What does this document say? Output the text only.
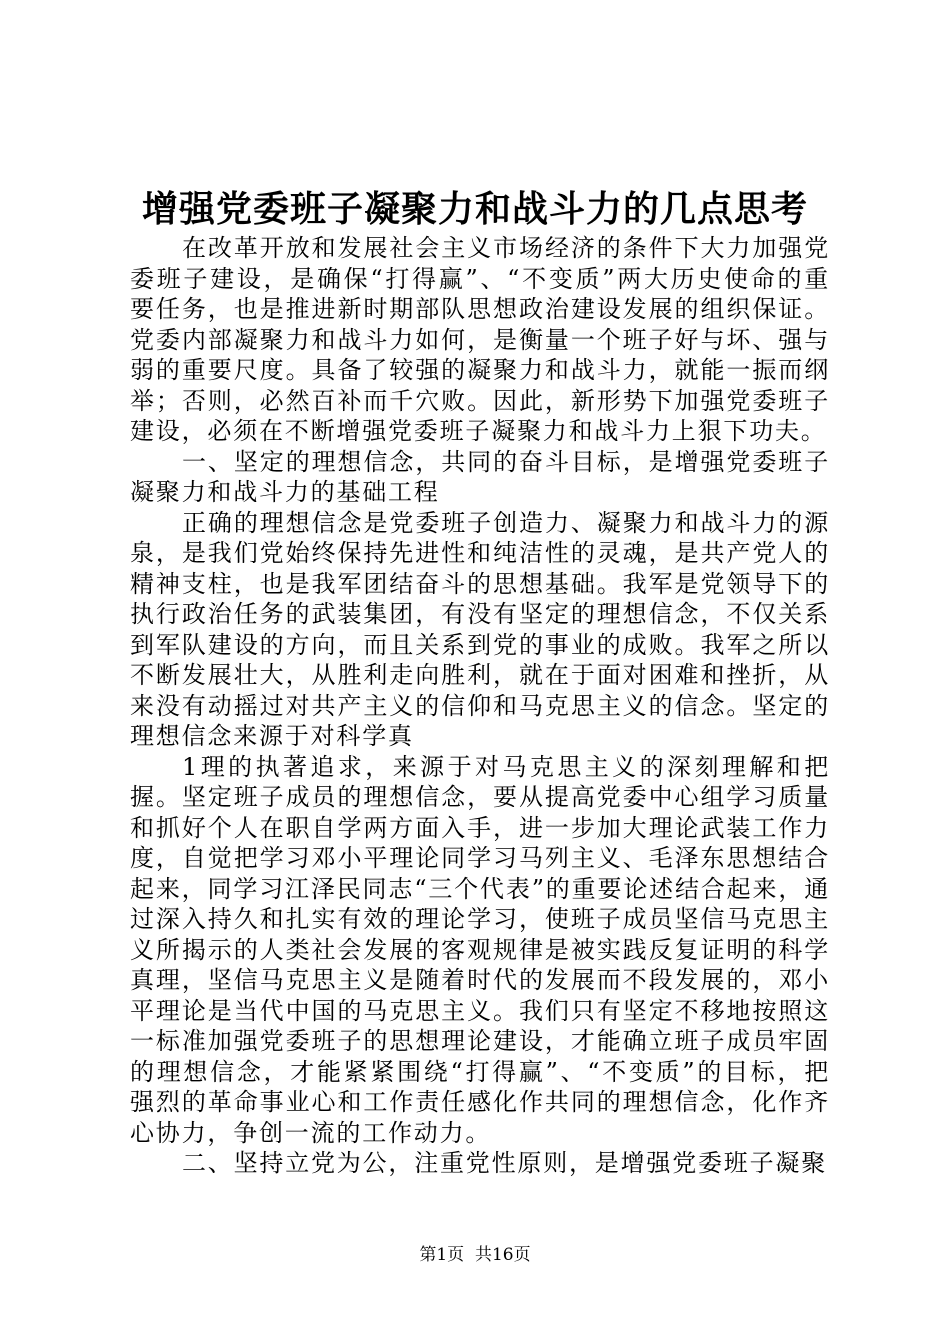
增强党委班子凝聚力和战斗力的几点思考

在改革开放和发展社会主义市场经济的条件下大力加强党委班子建设，是确保“打得赢”、“不变质”两大历史使命的重要任务，也是推进新时期部队思想政治建设发展的组织保证。党委内部凝聚力和战斗力如何，是衡量一个班子好与坏、强与弱的重要尺度。具备了较强的凝聚力和战斗力，就能一振而纲举；否则，必然百补而千穴败。因此，新形势下加强党委班子建设，必须在不断增强党委班子凝聚力和战斗力上狠下功夫。

一、坚定的理想信念，共同的奋斗目标，是增强党委班子凝聚力和战斗力的基础工程

正确的理想信念是党委班子创造力、凝聚力和战斗力的源泉，是我们党始终保持先进性和纯洁性的灵魂，是共产党人的精神支柱，也是我军团结奋斗的思想基础。我军是党领导下的执行政治任务的武装集团，有没有坚定的理想信念，不仅关系到军队建设的方向，而且关系到党的事业的成败。我军之所以不断发展壮大，从胜利走向胜利，就在于面对困难和挫折，从来没有动摇过对共产主义的信仰和马克思主义的信念。坚定的理想信念来源于对科学真

1理的执著追求，来源于对马克思主义的深刻理解和把握。坚定班子成员的理想信念，要从提高党委中心组学习质量和抓好个人在职自学两方面入手，进一步加大理论武装工作力度，自觉把学习邓小平理论同学习马列主义、毛泽东思想结合起来，同学习江泽民同志“三个代表”的重要论述结合起来，通过深入持久和扎实有效的理论学习，使班子成员坚信马克思主义所揭示的人类社会发展的客观规律是被实践反复证明的科学真理，坚信马克思主义是随着时代的发展而不段发展的，邓小平理论是当代中国的马克思主义。我们只有坚定不移地按照这一标准加强党委班子的思想理论建设，才能确立班子成员牢固的理想信念，才能紧紧围绕“打得赢”、“不变质”的目标，把强烈的革命事业心和工作责任感化作共同的理想信念，化作齐心协力，争创一流的工作动力。

二、坚持立党为公，注重党性原则，是增强党委班子凝聚

第1页  共16页
